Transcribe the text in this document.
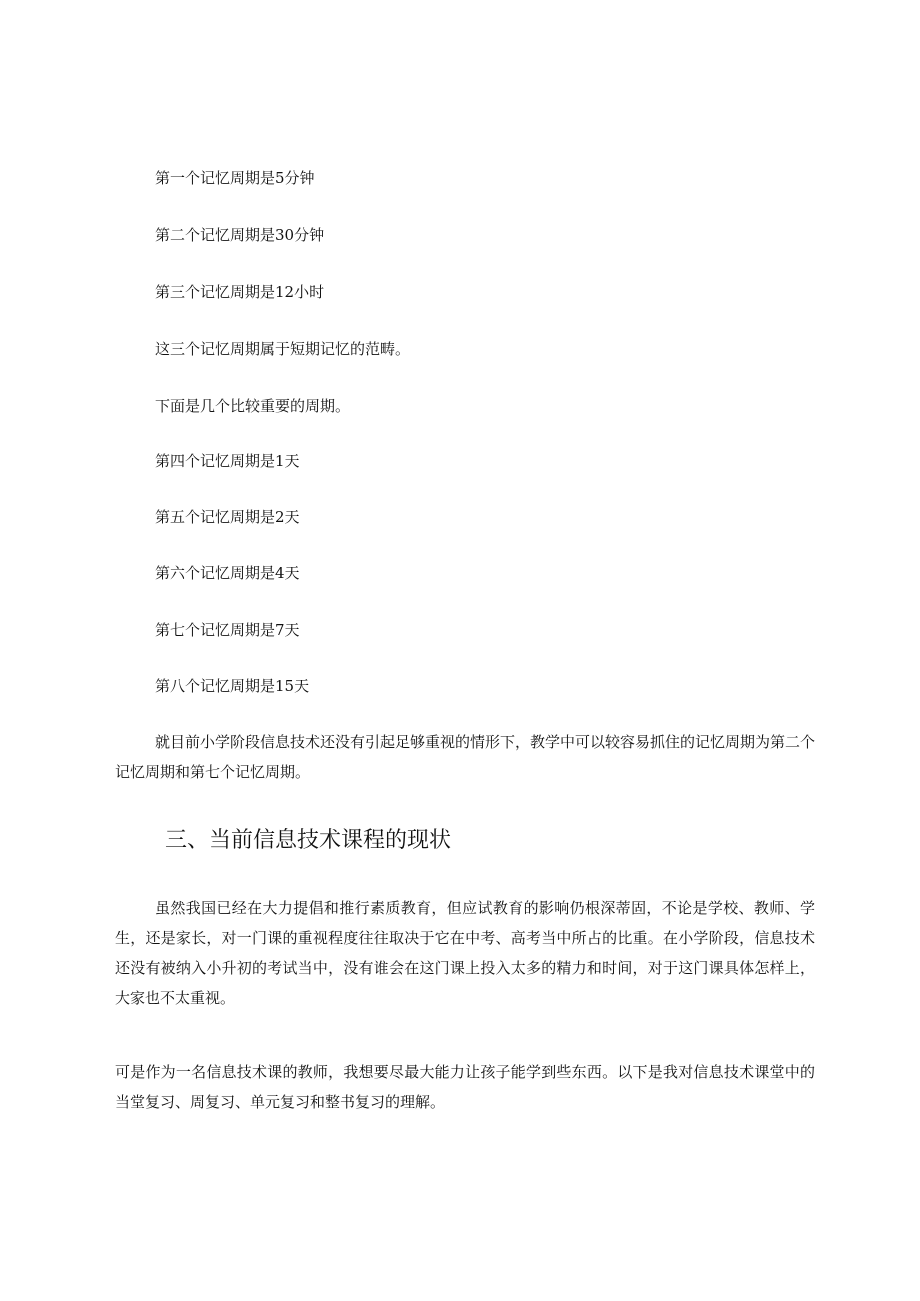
第一个记忆周期是5分钟
第二个记忆周期是30分钟
第三个记忆周期是12小时
这三个记忆周期属于短期记忆的范畴。
下面是几个比较重要的周期。
第四个记忆周期是1天
第五个记忆周期是2天
第六个记忆周期是4天
第七个记忆周期是7天
第八个记忆周期是15天

就目前小学阶段信息技术还没有引起足够重视的情形下，教学中可以较容易抓住的记忆周期为第二个记忆周期和第七个记忆周期。

三、当前信息技术课程的现状

虽然我国已经在大力提倡和推行素质教育，但应试教育的影响仍根深蒂固，不论是学校、教师、学生，还是家长，对一门课的重视程度往往取决于它在中考、高考当中所占的比重。在小学阶段，信息技术还没有被纳入小升初的考试当中，没有谁会在这门课上投入太多的精力和时间，对于这门课具体怎样上，大家也不太重视。

可是作为一名信息技术课的教师，我想要尽最大能力让孩子能学到些东西。以下是我对信息技术课堂中的当堂复习、周复习、单元复习和整书复习的理解。
